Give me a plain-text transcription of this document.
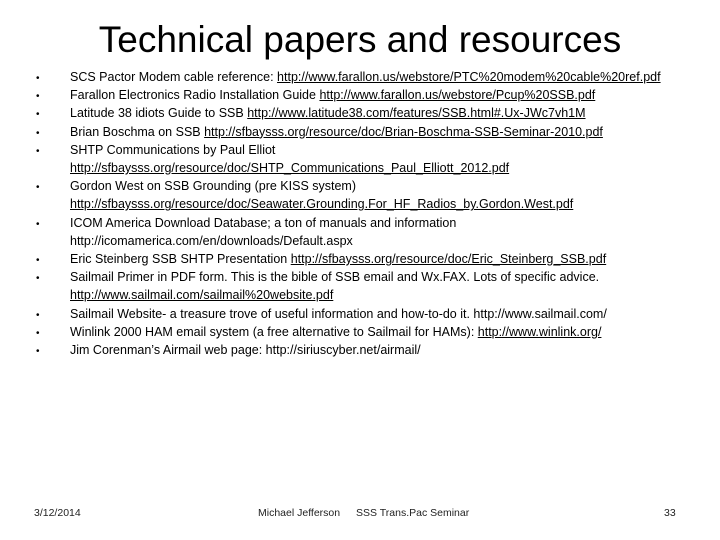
Technical papers and resources
•
SCS Pactor Modem cable reference: http://www.farallon.us/webstore/PTC%20modem%20cable%20ref.pdf
•
Farallon Electronics Radio Installation Guide http://www.farallon.us/webstore/Pcup%20SSB.pdf
•
Latitude 38 idiots Guide to SSB http://www.latitude38.com/features/SSB.html#.Ux-JWc7vh1M
•
Brian Boschma on SSB http://sfbaysss.org/resource/doc/Brian-Boschma-SSB-Seminar-2010.pdf
•
SHTP Communications by Paul Elliot http://sfbaysss.org/resource/doc/SHTP_Communications_Paul_Elliott_2012.pdf
•
Gordon West on SSB Grounding (pre KISS system) http://sfbaysss.org/resource/doc/Seawater.Grounding.For_HF_Radios_by.Gordon.West.pdf
•
ICOM America Download Database; a ton of manuals and information http://icomamerica.com/en/downloads/Default.aspx
•
Eric Steinberg SSB SHTP Presentation http://sfbaysss.org/resource/doc/Eric_Steinberg_SSB.pdf
•
Sailmail Primer in PDF form. This is the bible of SSB email and Wx.FAX. Lots of specific advice. http://www.sailmail.com/sailmail%20website.pdf
•
Sailmail Website- a treasure trove of useful information and how-to-do it. http://www.sailmail.com/
•
Winlink 2000 HAM email system (a free alternative to Sailmail for HAMs): http://www.winlink.org/
•
Jim Corenman’s Airmail web page: http://siriuscyber.net/airmail/
3/12/2014	Michael Jefferson SSS Trans.Pac Seminar	33
